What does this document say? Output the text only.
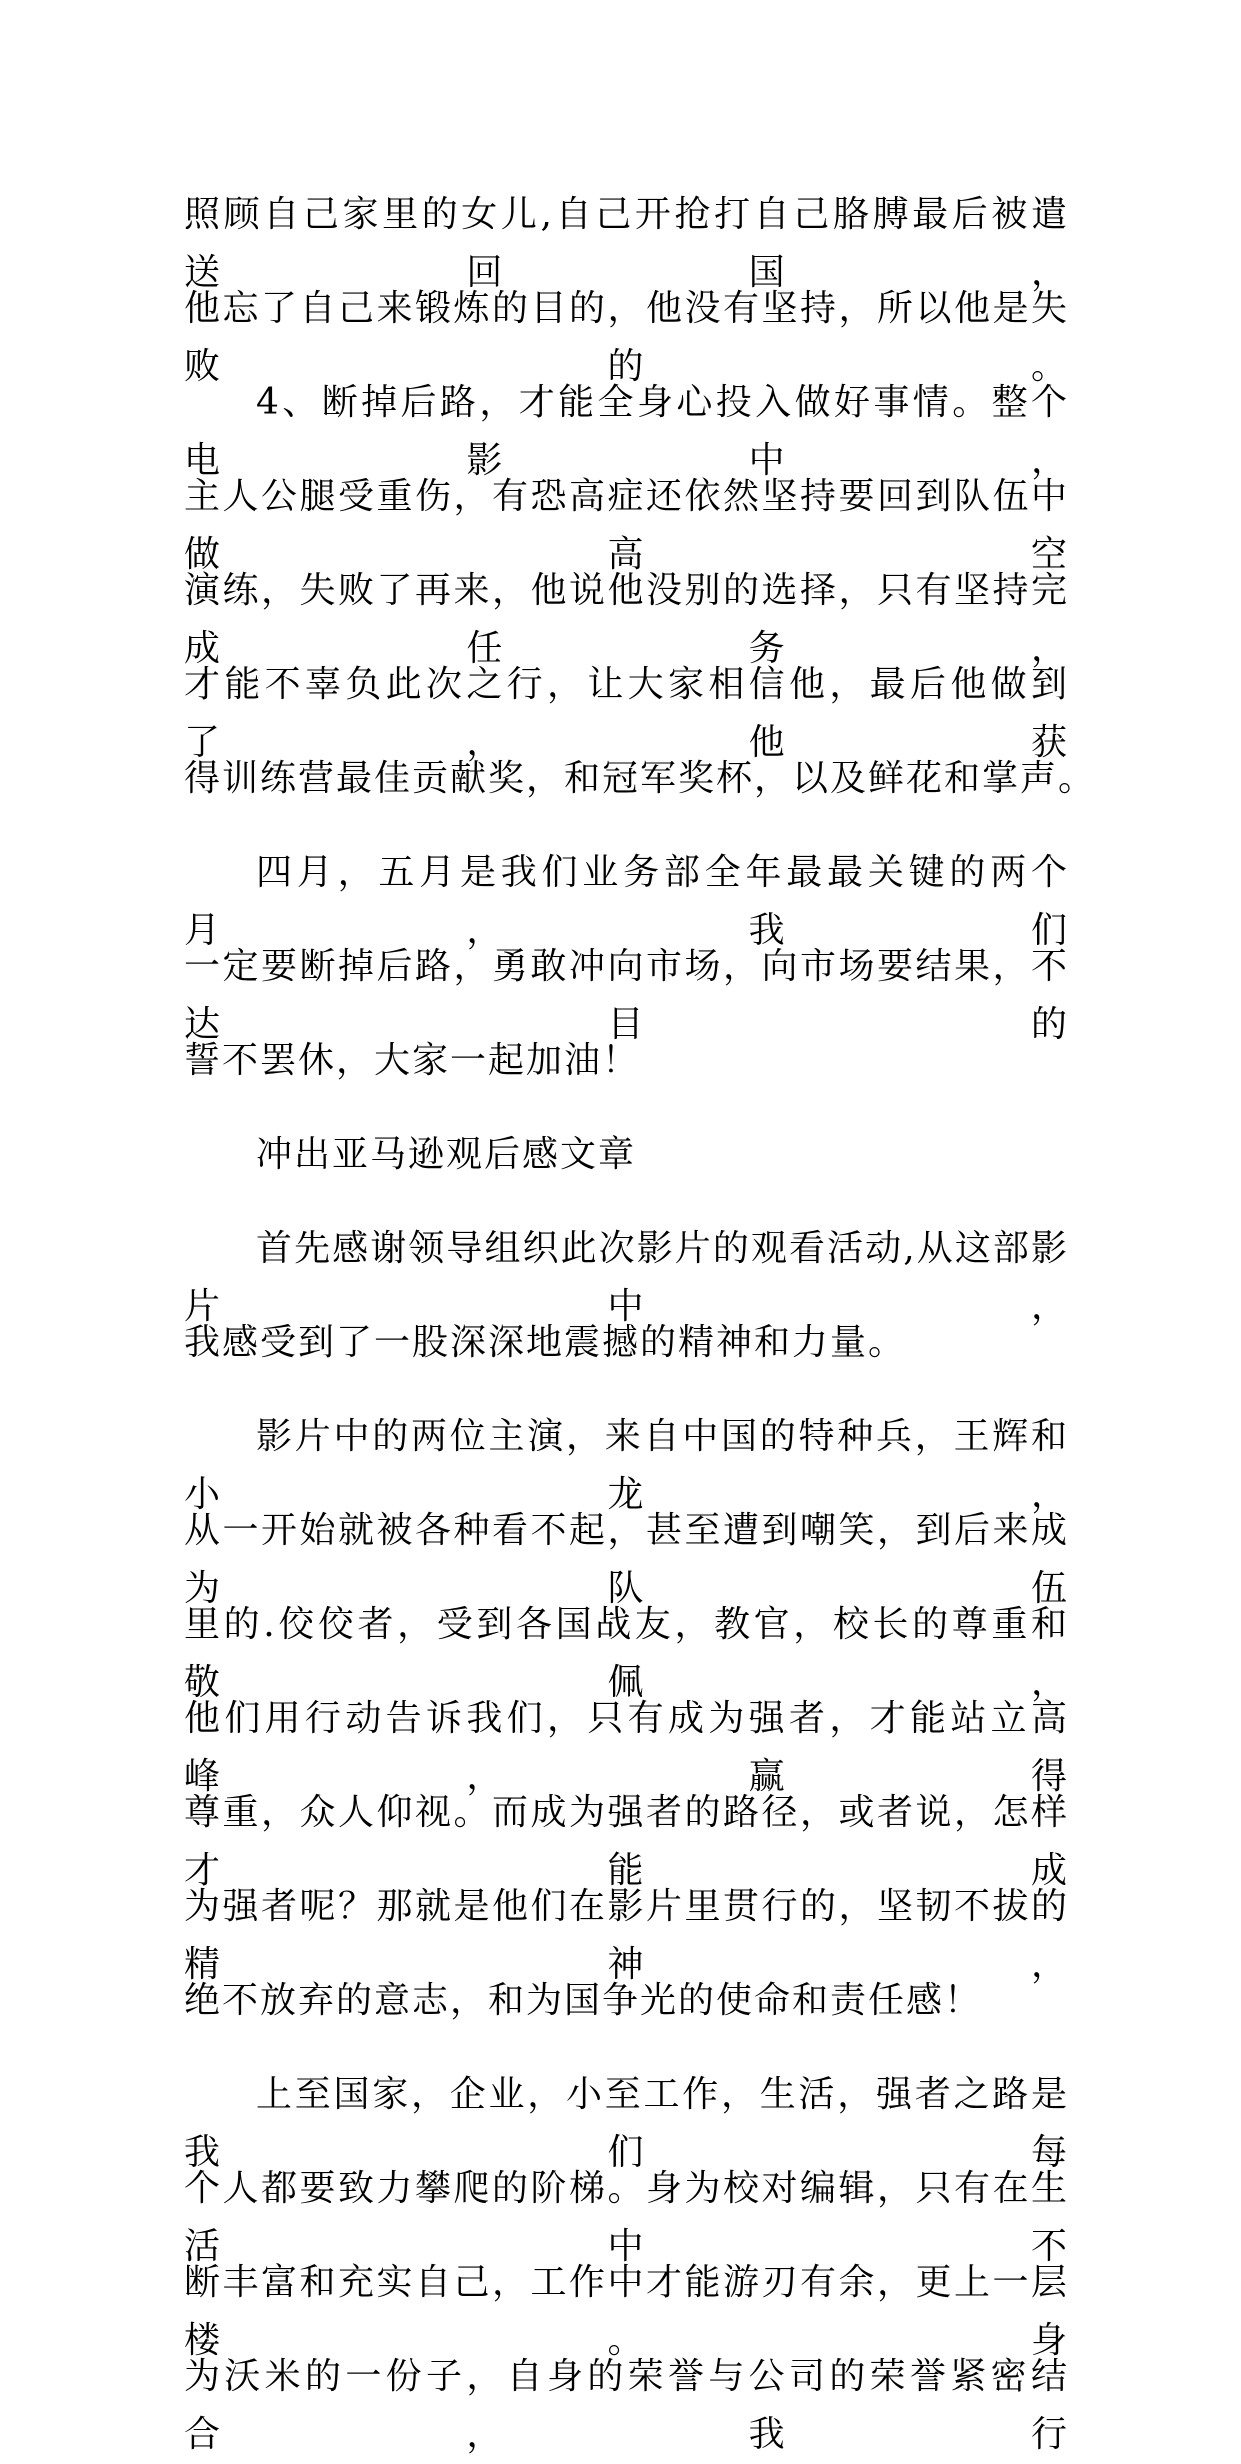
照顾自己家里的女儿,自己开抢打自己胳膊最后被遣送回国，

他忘了自己来锻炼的目的，他没有坚持，所以他是失败的。

4、断掉后路，才能全身心投入做好事情。整个电影中，

主人公腿受重伤，有恐高症还依然坚持要回到队伍中做高空

演练，失败了再来，他说他没别的选择，只有坚持完成任务，

才能不辜负此次之行，让大家相信他，最后他做到了，他获

得训练营最佳贡献奖，和冠军奖杯，以及鲜花和掌声。

四月，五月是我们业务部全年最最关键的两个月，我们

一定要断掉后路，勇敢冲向市场，向市场要结果，不达目的

誓不罢休，大家一起加油！

冲出亚马逊观后感文章

首先感谢领导组织此次影片的观看活动,从这部影片中，

我感受到了一股深深地震撼的精神和力量。

影片中的两位主演，来自中国的特种兵，王辉和小龙，

从一开始就被各种看不起，甚至遭到嘲笑，到后来成为队伍

里的.佼佼者，受到各国战友，教官，校长的尊重和敬佩，

他们用行动告诉我们，只有成为强者，才能站立高峰，赢得

尊重，众人仰视。而成为强者的路径，或者说，怎样才能成

为强者呢？那就是他们在影片里贯行的，坚韧不拔的精神，

绝不放弃的意志，和为国争光的使命和责任感！

上至国家，企业，小至工作，生活，强者之路是我们每

个人都要致力攀爬的阶梯。身为校对编辑，只有在生活中不

断丰富和充实自己，工作中才能游刃有余，更上一层楼。身

为沃米的一份子，自身的荣誉与公司的荣誉紧密结合，我行
